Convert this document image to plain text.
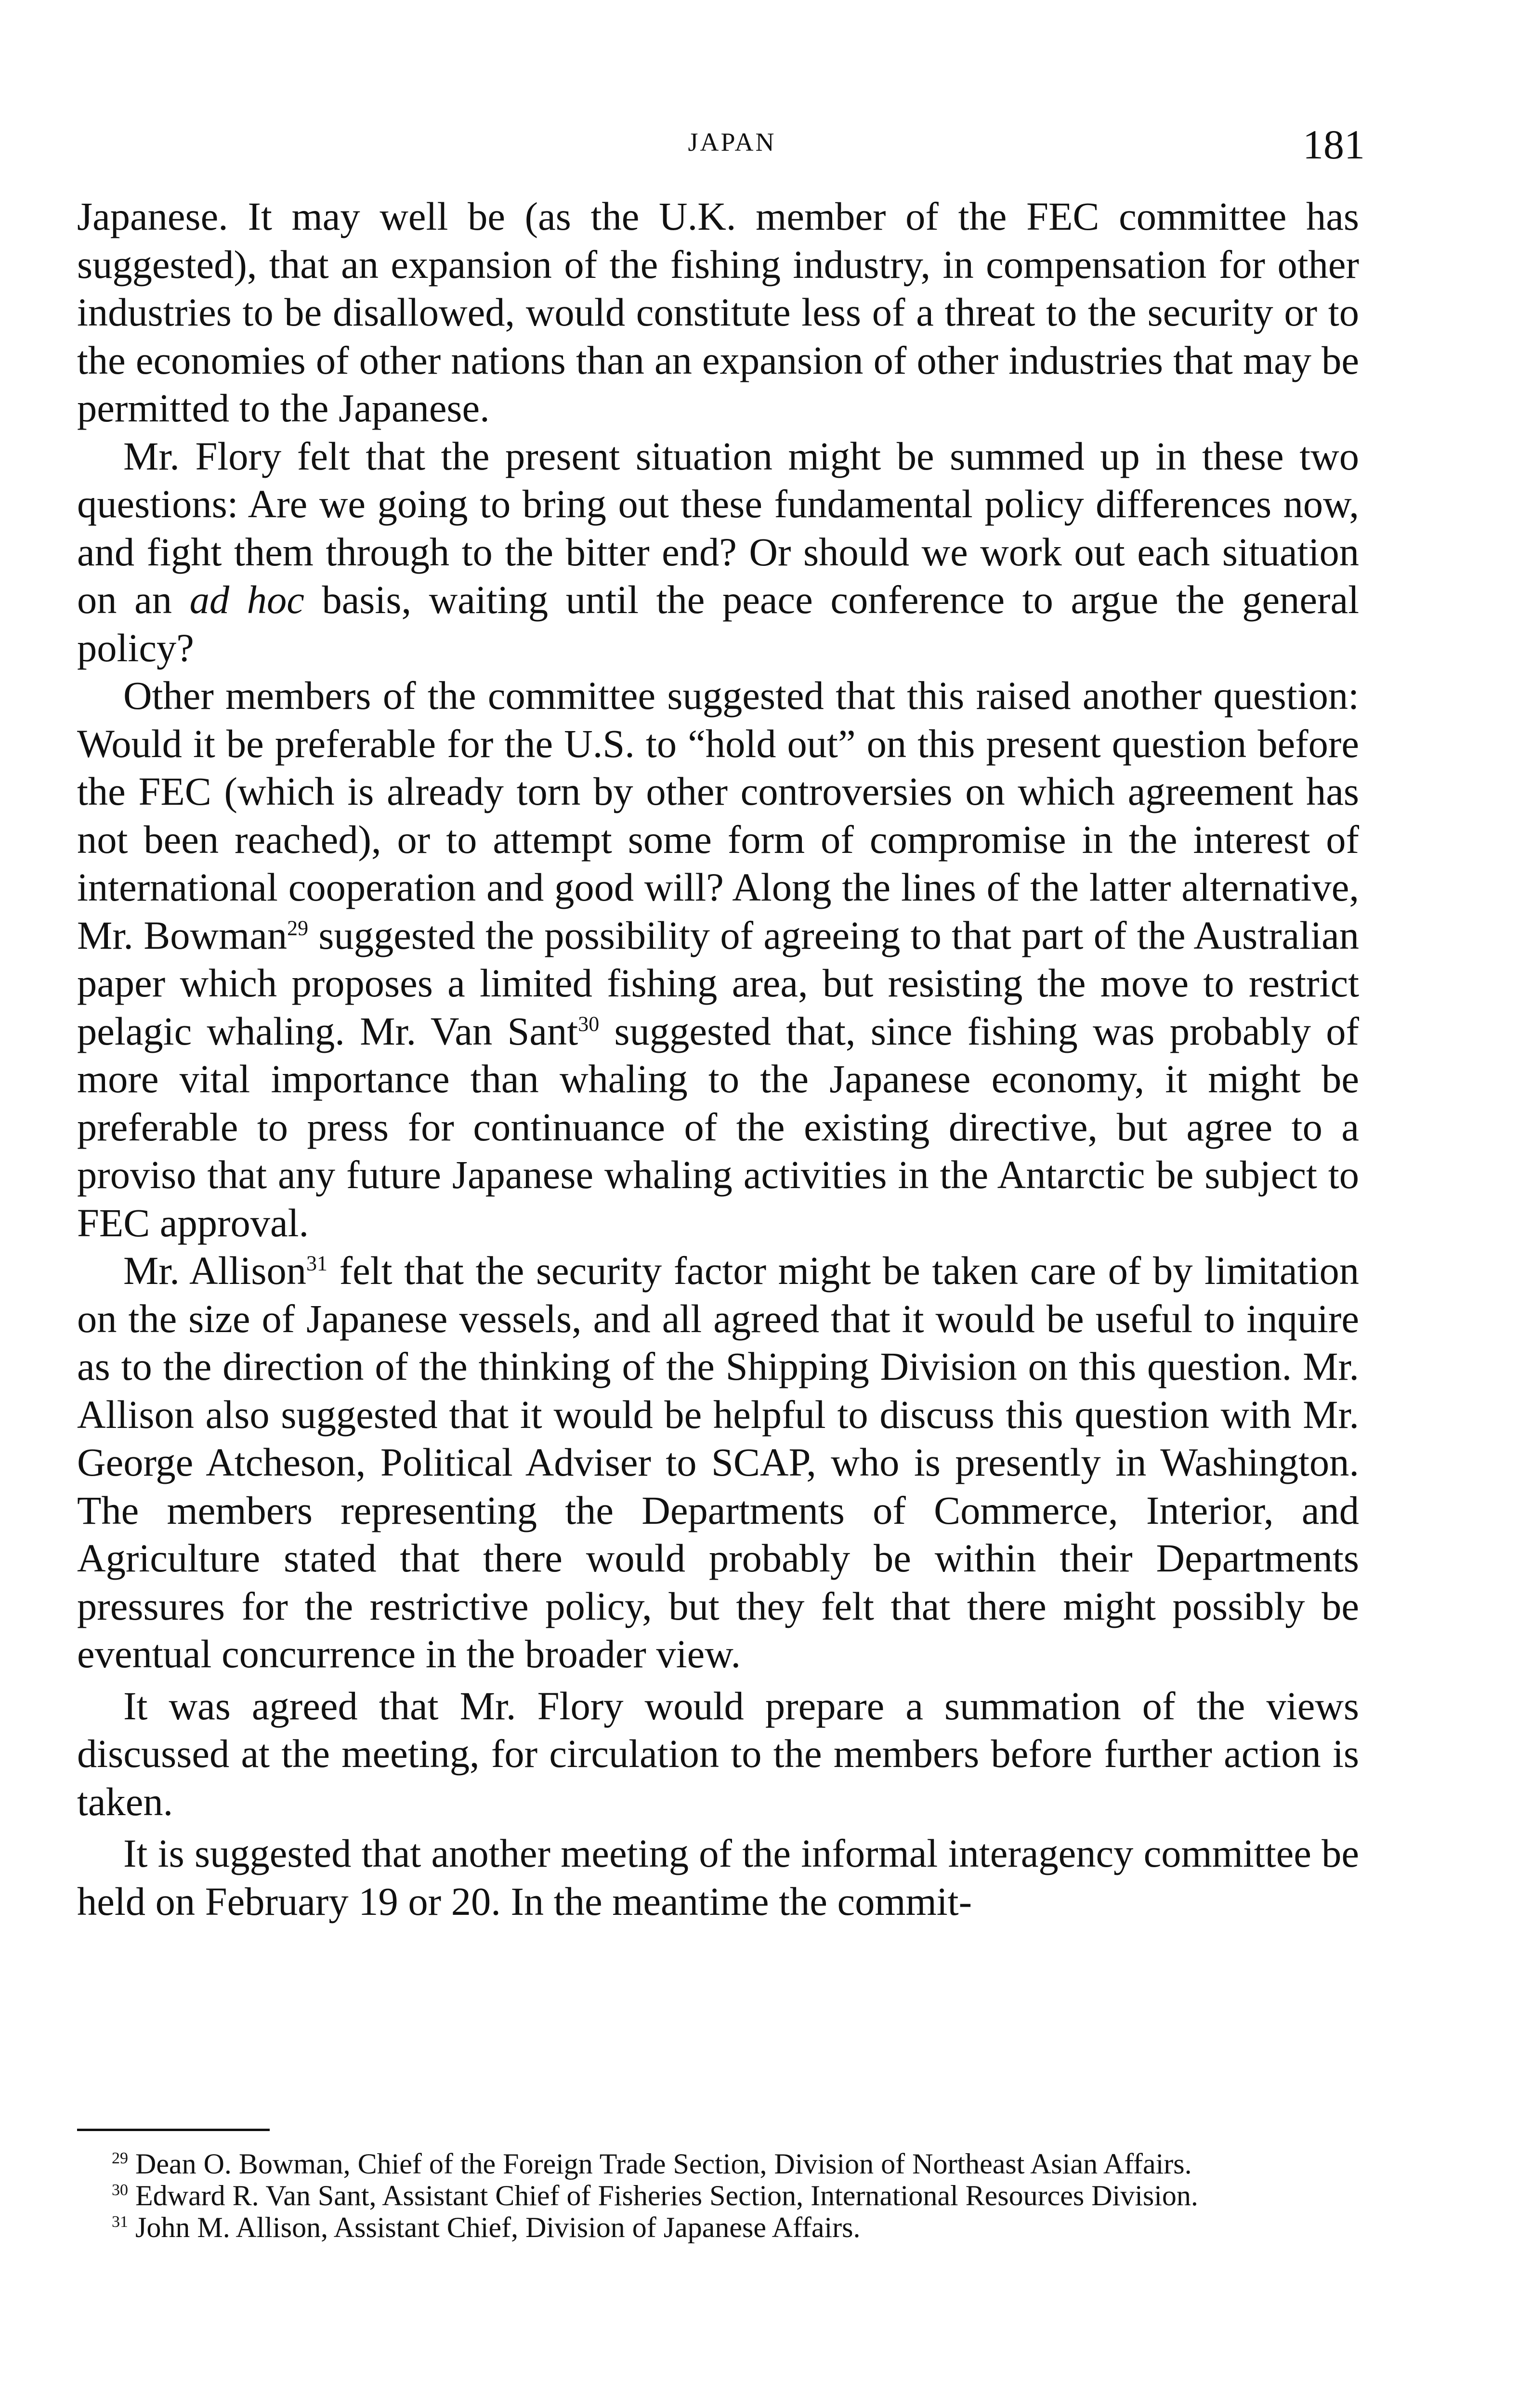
JAPAN	181

Japanese. It may well be (as the U.K. member of the FEC committee has suggested), that an expansion of the fishing industry, in compensation for other industries to be disallowed, would constitute less of a threat to the security or to the economies of other nations than an expansion of other industries that may be permitted to the Japanese.

Mr. Flory felt that the present situation might be summed up in these two questions: Are we going to bring out these fundamental policy differences now, and fight them through to the bitter end? Or should we work out each situation on an ad hoc basis, waiting until the peace conference to argue the general policy?

Other members of the committee suggested that this raised another question: Would it be preferable for the U.S. to “hold out” on this present question before the FEC (which is already torn by other controversies on which agreement has not been reached), or to attempt some form of compromise in the interest of international cooperation and good will? Along the lines of the latter alternative, Mr. Bowman$^{29}$ suggested the possibility of agreeing to that part of the Australian paper which proposes a limited fishing area, but resisting the move to restrict pelagic whaling. Mr. Van Sant$^{30}$ suggested that, since fishing was probably of more vital importance than whaling to the Japanese economy, it might be preferable to press for continuance of the existing directive, but agree to a proviso that any future Japanese whaling activities in the Antarctic be subject to FEC approval.

Mr. Allison$^{31}$ felt that the security factor might be taken care of by limitation on the size of Japanese vessels, and all agreed that it would be useful to inquire as to the direction of the thinking of the Shipping Division on this question. Mr. Allison also suggested that it would be helpful to discuss this question with Mr. George Atcheson, Political Adviser to SCAP, who is presently in Washington. The members representing the Departments of Commerce, Interior, and Agriculture stated that there would probably be within their Departments pressures for the restrictive policy, but they felt that there might possibly be eventual concurrence in the broader view.

It was agreed that Mr. Flory would prepare a summation of the views discussed at the meeting, for circulation to the members before further action is taken.

It is suggested that another meeting of the informal interagency committee be held on February 19 or 20. In the meantime the commit-

$^{29}$ Dean O. Bowman, Chief of the Foreign Trade Section, Division of Northeast Asian Affairs.

$^{30}$ Edward R. Van Sant, Assistant Chief of Fisheries Section, International Resources Division.

$^{31}$ John M. Allison, Assistant Chief, Division of Japanese Affairs.
